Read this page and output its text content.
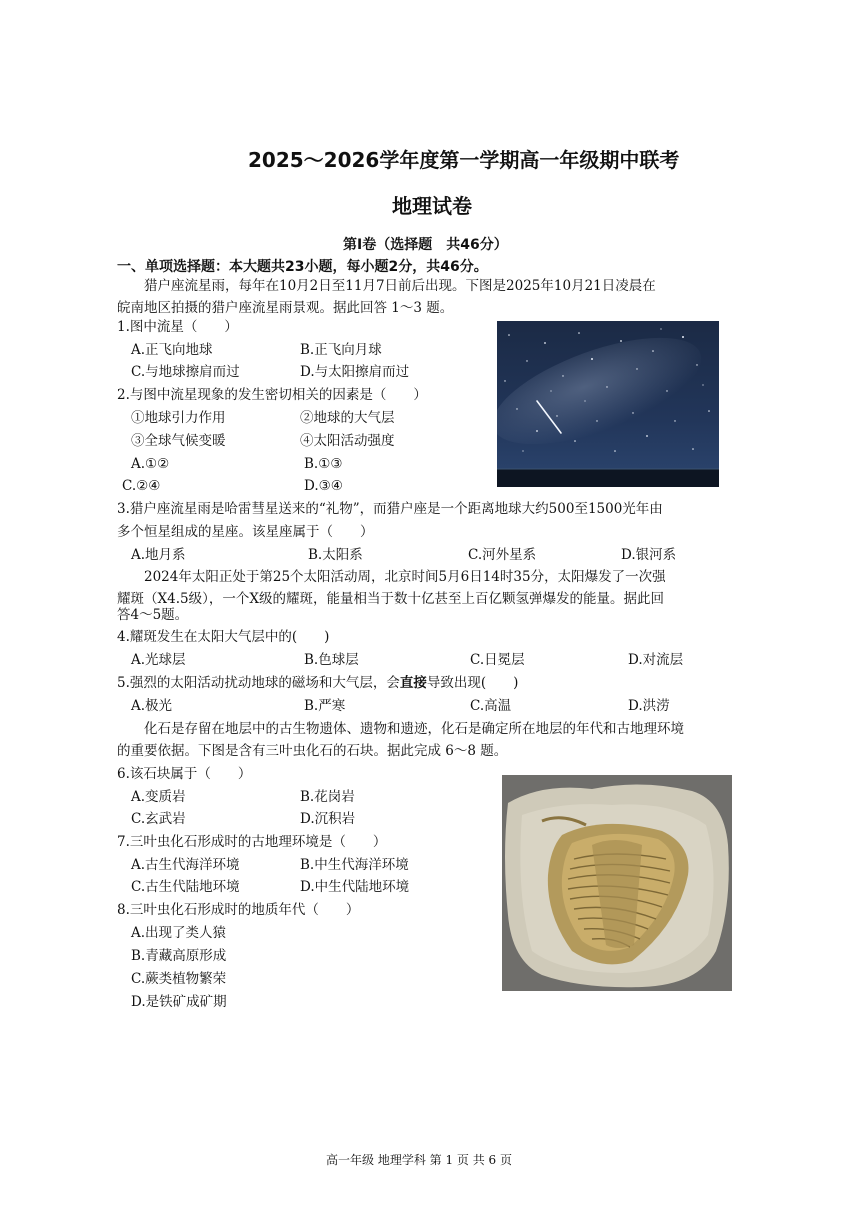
2025～2026学年度第一学期高一年级期中联考
地理试卷
第Ⅰ卷（选择题　共46分）
一、单项选择题：本大题共23小题，每小题2分，共46分。
猎户座流星雨，每年在10月2日至11月7日前后出现。下图是2025年10月21日凌晨在
皖南地区拍摄的猎户座流星雨景观。据此回答 1～3 题。
1.图中流星（　　）
A.正飞向地球	B.正飞向月球
C.与地球擦肩而过	D.与太阳擦肩而过
2.与图中流星现象的发生密切相关的因素是（　　）
①地球引力作用	②地球的大气层
③全球气候变暖	④太阳活动强度
A.①②	B.①③
C.②④	D.③④
3.猎户座流星雨是哈雷彗星送来的“礼物”，而猎户座是一个距离地球大约500至1500光年由
多个恒星组成的星座。该星座属于（　　）
A.地月系	B.太阳系	C.河外星系	D.银河系
2024年太阳正处于第25个太阳活动周，北京时间5月6日14时35分，太阳爆发了一次强
耀斑（X4.5级），一个X级的耀斑，能量相当于数十亿甚至上百亿颗氢弹爆发的能量。据此回
答4～5题。
4.耀斑发生在太阳大气层中的(　　)
A.光球层	B.色球层	C.日冕层	D.对流层
5.强烈的太阳活动扰动地球的磁场和大气层，会直接导致出现(　　)
A.极光	B.严寒	C.高温	D.洪涝
化石是存留在地层中的古生物遗体、遗物和遗迹，化石是确定所在地层的年代和古地理环境
的重要依据。下图是含有三叶虫化石的石块。据此完成 6～8 题。
6.该石块属于（　　）
A.变质岩	B.花岗岩
C.玄武岩	D.沉积岩
7.三叶虫化石形成时的古地理环境是（　　）
A.古生代海洋环境	B.中生代海洋环境
C.古生代陆地环境	D.中生代陆地环境
8.三叶虫化石形成时的地质年代（　　）
A.出现了类人猿
B.青藏高原形成
C.蕨类植物繁荣
D.是铁矿成矿期
高一年级 地理学科 第 1 页 共 6 页
